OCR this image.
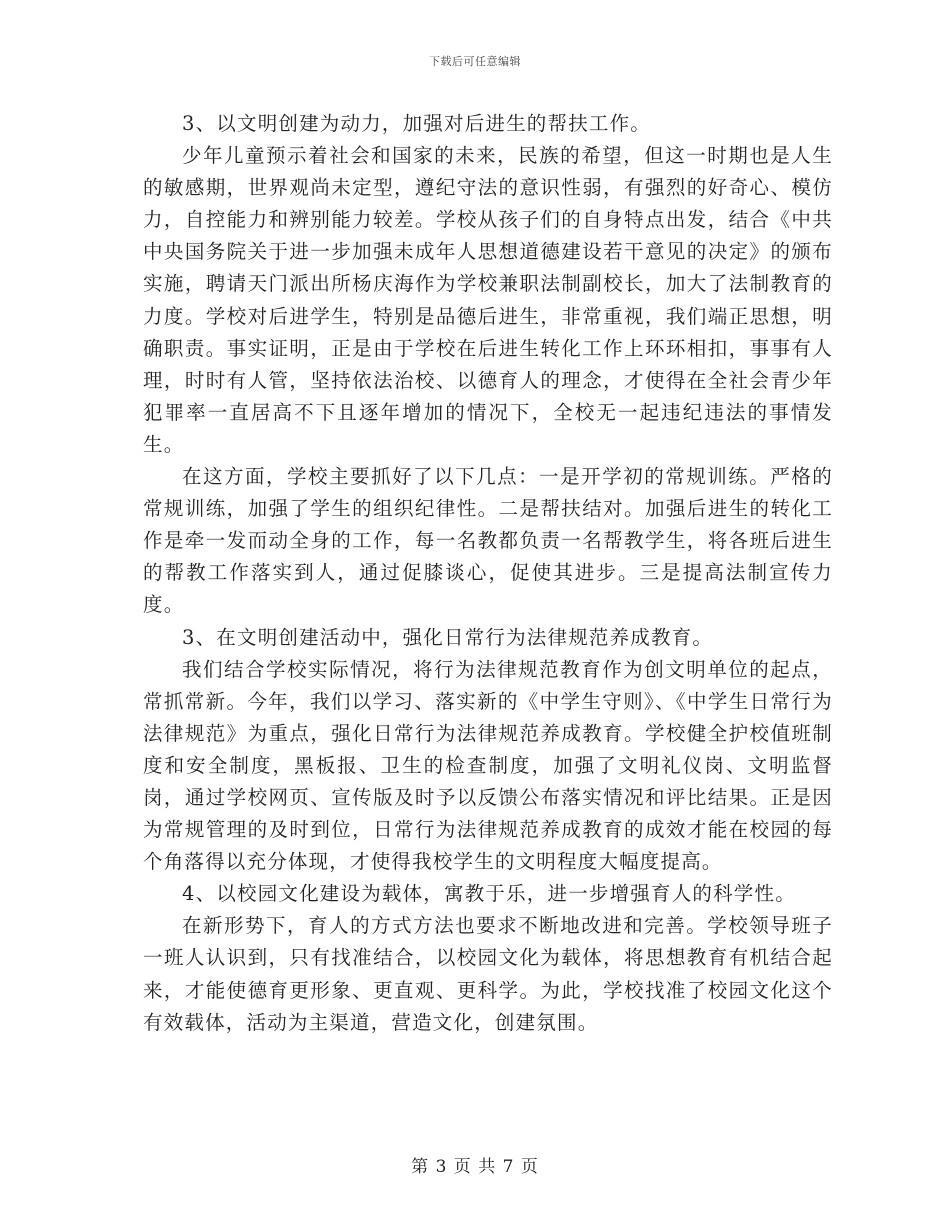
下载后可任意编辑

3、以文明创建为动力，加强对后进生的帮扶工作。

少年儿童预示着社会和国家的未来，民族的希望，但这一时期也是人生的敏感期，世界观尚未定型，遵纪守法的意识性弱，有强烈的好奇心、模仿力，自控能力和辨别能力较差。学校从孩子们的自身特点出发，结合《中共中央国务院关于进一步加强未成年人思想道德建设若干意见的决定》的颁布实施，聘请天门派出所杨庆海作为学校兼职法制副校长，加大了法制教育的力度。学校对后进学生，特别是品德后进生，非常重视，我们端正思想，明确职责。事实证明，正是由于学校在后进生转化工作上环环相扣，事事有人理，时时有人管，坚持依法治校、以德育人的理念，才使得在全社会青少年犯罪率一直居高不下且逐年增加的情况下，全校无一起违纪违法的事情发生。

在这方面，学校主要抓好了以下几点：一是开学初的常规训练。严格的常规训练，加强了学生的组织纪律性。二是帮扶结对。加强后进生的转化工作是牵一发而动全身的工作，每一名教都负责一名帮教学生，将各班后进生的帮教工作落实到人，通过促膝谈心，促使其进步。三是提高法制宣传力度。

3、在文明创建活动中，强化日常行为法律规范养成教育。

我们结合学校实际情况，将行为法律规范教育作为创文明单位的起点，常抓常新。今年，我们以学习、落实新的《中学生守则》、《中学生日常行为法律规范》为重点，强化日常行为法律规范养成教育。学校健全护校值班制度和安全制度，黑板报、卫生的检查制度，加强了文明礼仪岗、文明监督岗，通过学校网页、宣传版及时予以反馈公布落实情况和评比结果。正是因为常规管理的及时到位，日常行为法律规范养成教育的成效才能在校园的每个角落得以充分体现，才使得我校学生的文明程度大幅度提高。

4、以校园文化建设为载体，寓教于乐，进一步增强育人的科学性。

在新形势下，育人的方式方法也要求不断地改进和完善。学校领导班子一班人认识到，只有找准结合，以校园文化为载体，将思想教育有机结合起来，才能使德育更形象、更直观、更科学。为此，学校找准了校园文化这个有效载体，活动为主渠道，营造文化，创建氛围。

第 3 页 共 7 页
